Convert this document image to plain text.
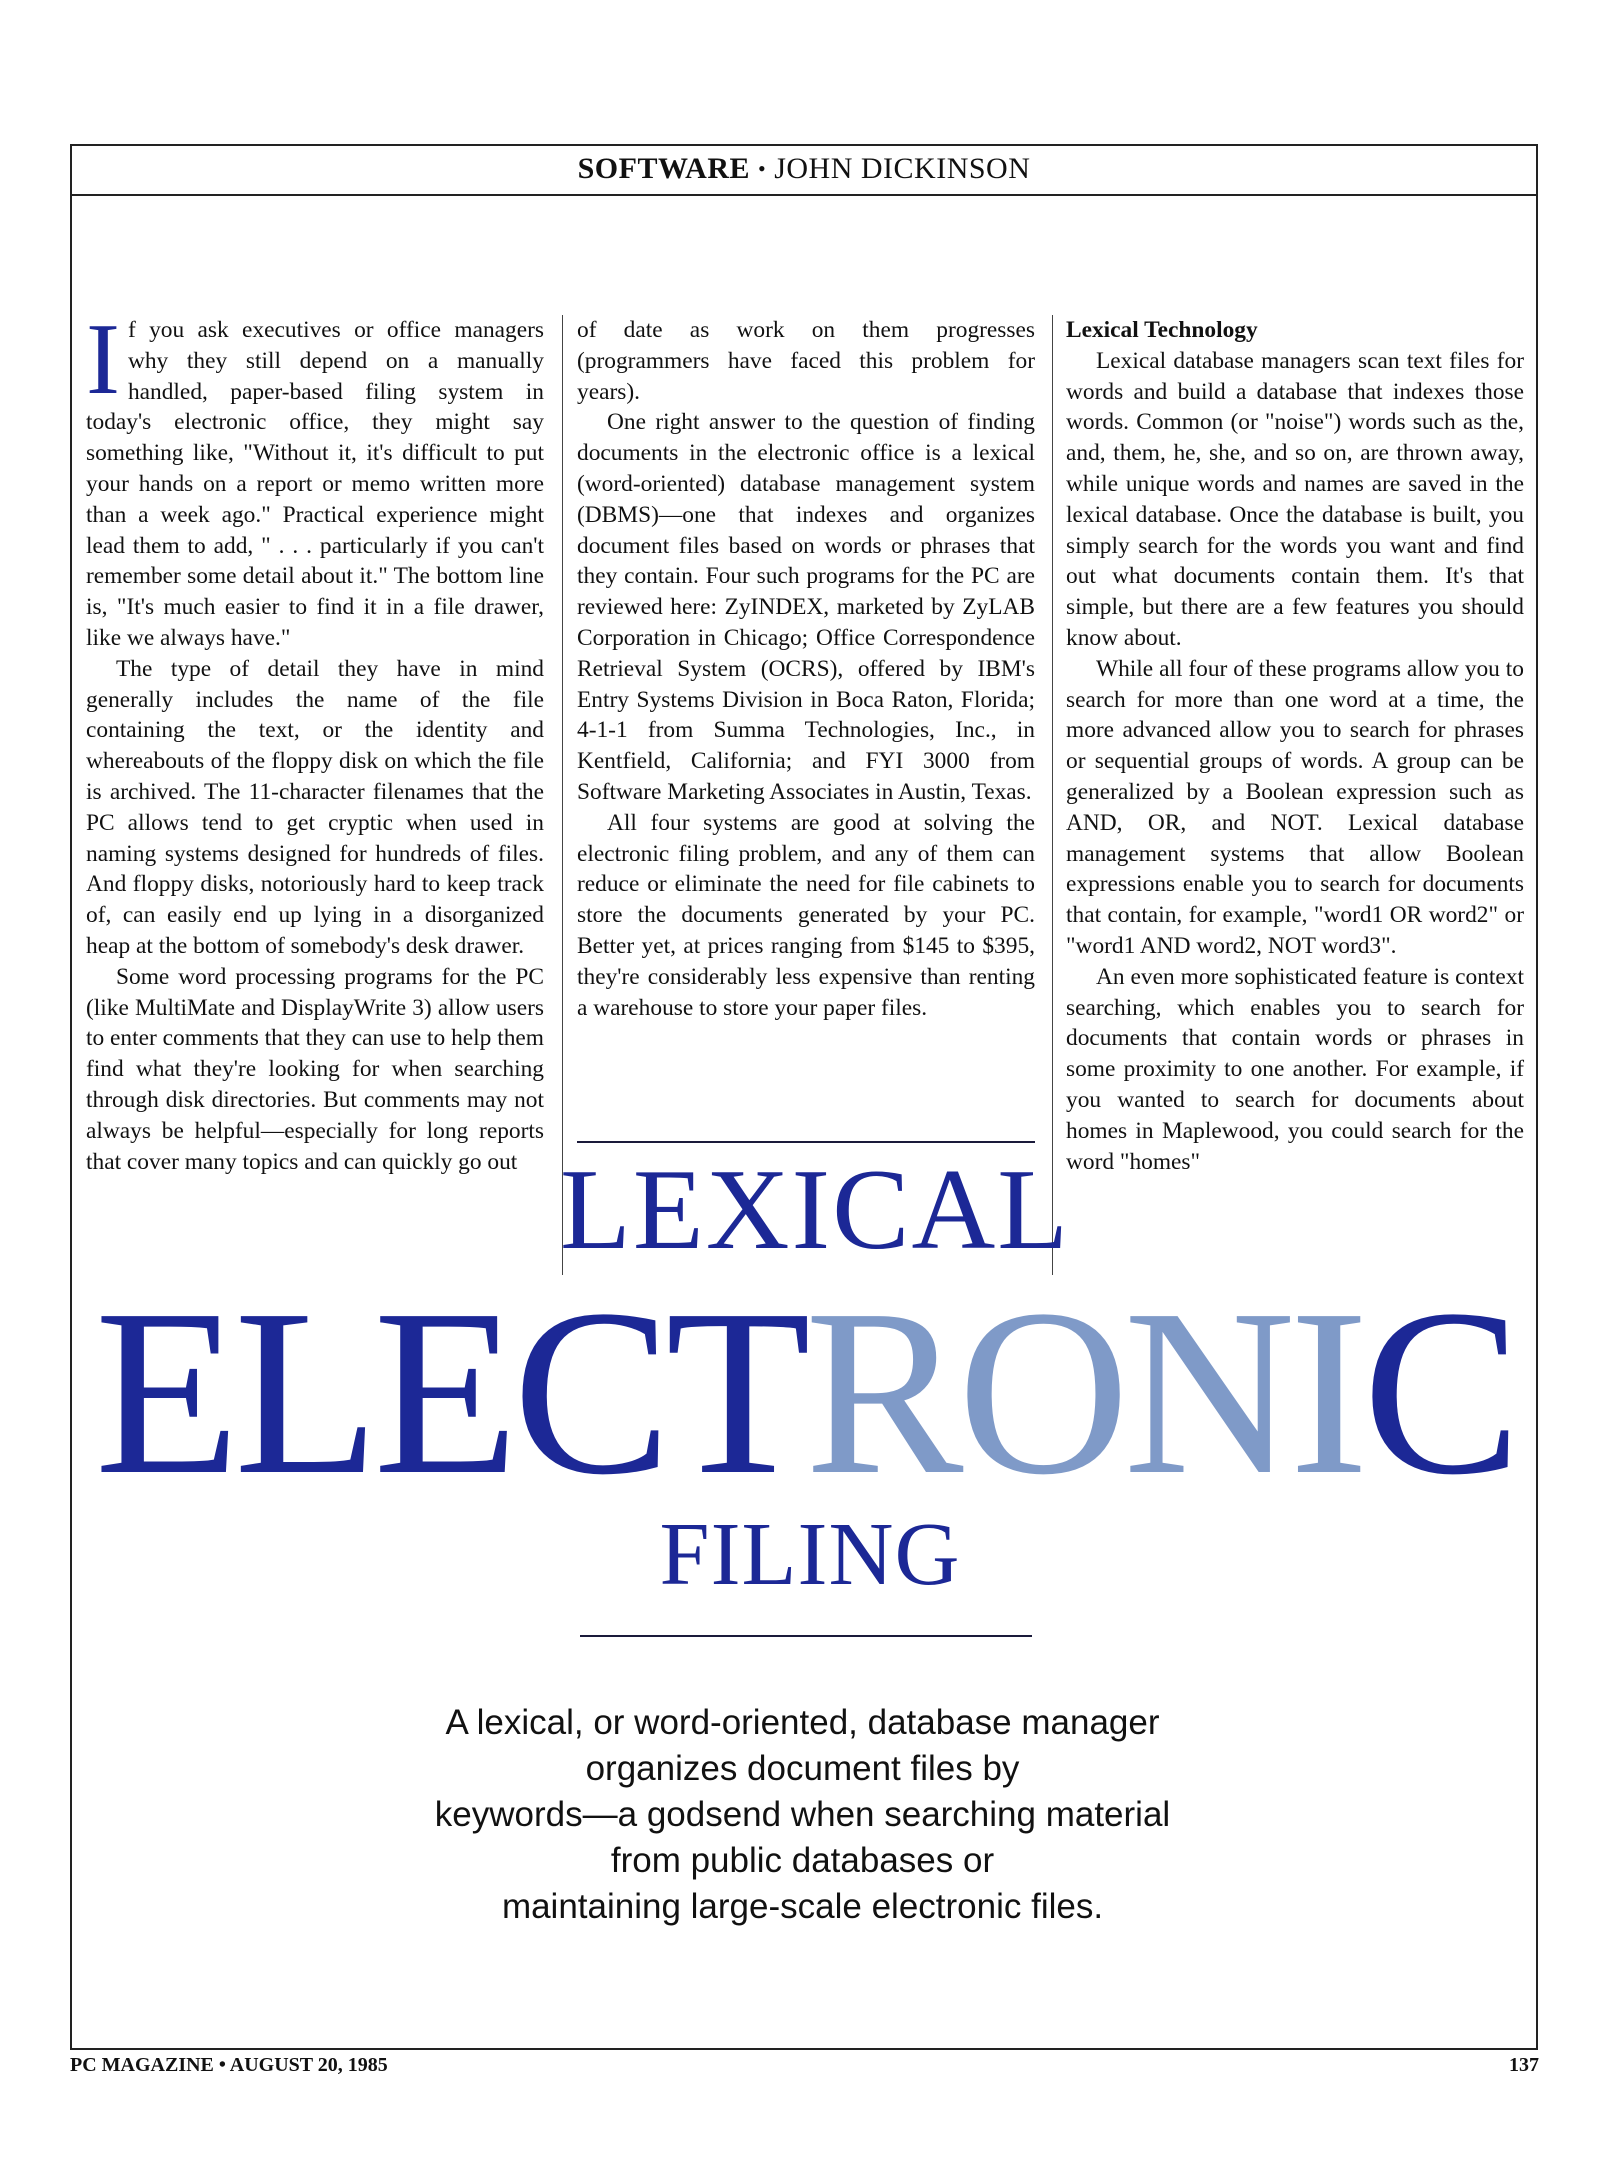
SOFTWARE • JOHN DICKINSON

If you ask executives or office managers why they still depend on a manually handled, paper-based filing system in today's electronic office, they might say something like, "Without it, it's difficult to put your hands on a report or memo written more than a week ago." Practical experience might lead them to add, " . . . particularly if you can't remember some detail about it." The bottom line is, "It's much easier to find it in a file drawer, like we always have."

The type of detail they have in mind generally includes the name of the file containing the text, or the identity and whereabouts of the floppy disk on which the file is archived. The 11-character filenames that the PC allows tend to get cryptic when used in naming systems designed for hundreds of files. And floppy disks, notoriously hard to keep track of, can easily end up lying in a disorganized heap at the bottom of somebody's desk drawer.

Some word processing programs for the PC (like MultiMate and DisplayWrite 3) allow users to enter comments that they can use to help them find what they're looking for when searching through disk directories. But comments may not always be helpful—especially for long reports that cover many topics and can quickly go out

of date as work on them progresses (programmers have faced this problem for years).

One right answer to the question of finding documents in the electronic office is a lexical (word-oriented) database management system (DBMS)—one that indexes and organizes document files based on words or phrases that they contain. Four such programs for the PC are reviewed here: ZyINDEX, marketed by ZyLAB Corporation in Chicago; Office Correspondence Retrieval System (OCRS), offered by IBM's Entry Systems Division in Boca Raton, Florida; 4-1-1 from Summa Technologies, Inc., in Kentfield, California; and FYI 3000 from Software Marketing Associates in Austin, Texas.

All four systems are good at solving the electronic filing problem, and any of them can reduce or eliminate the need for file cabinets to store the documents generated by your PC. Better yet, at prices ranging from $145 to $395, they're considerably less expensive than renting a warehouse to store your paper files.

Lexical Technology

Lexical database managers scan text files for words and build a database that indexes those words. Common (or "noise") words such as the, and, them, he, she, and so on, are thrown away, while unique words and names are saved in the lexical database. Once the database is built, you simply search for the words you want and find out what documents contain them. It's that simple, but there are a few features you should know about.

While all four of these programs allow you to search for more than one word at a time, the more advanced allow you to search for phrases or sequential groups of words. A group can be generalized by a Boolean expression such as AND, OR, and NOT. Lexical database management systems that allow Boolean expressions enable you to search for documents that contain, for example, "word1 OR word2" or "word1 AND word2, NOT word3".

An even more sophisticated feature is context searching, which enables you to search for documents that contain words or phrases in some proximity to one another. For example, if you wanted to search for documents about homes in Maplewood, you could search for the word "homes"

LEXICAL
ELECTRONIC
FILING
A lexical, or word-oriented, database manager
organizes document files by
keywords—a godsend when searching material
from public databases or
maintaining large-scale electronic files.
PC MAGAZINE • AUGUST 20, 1985	137
